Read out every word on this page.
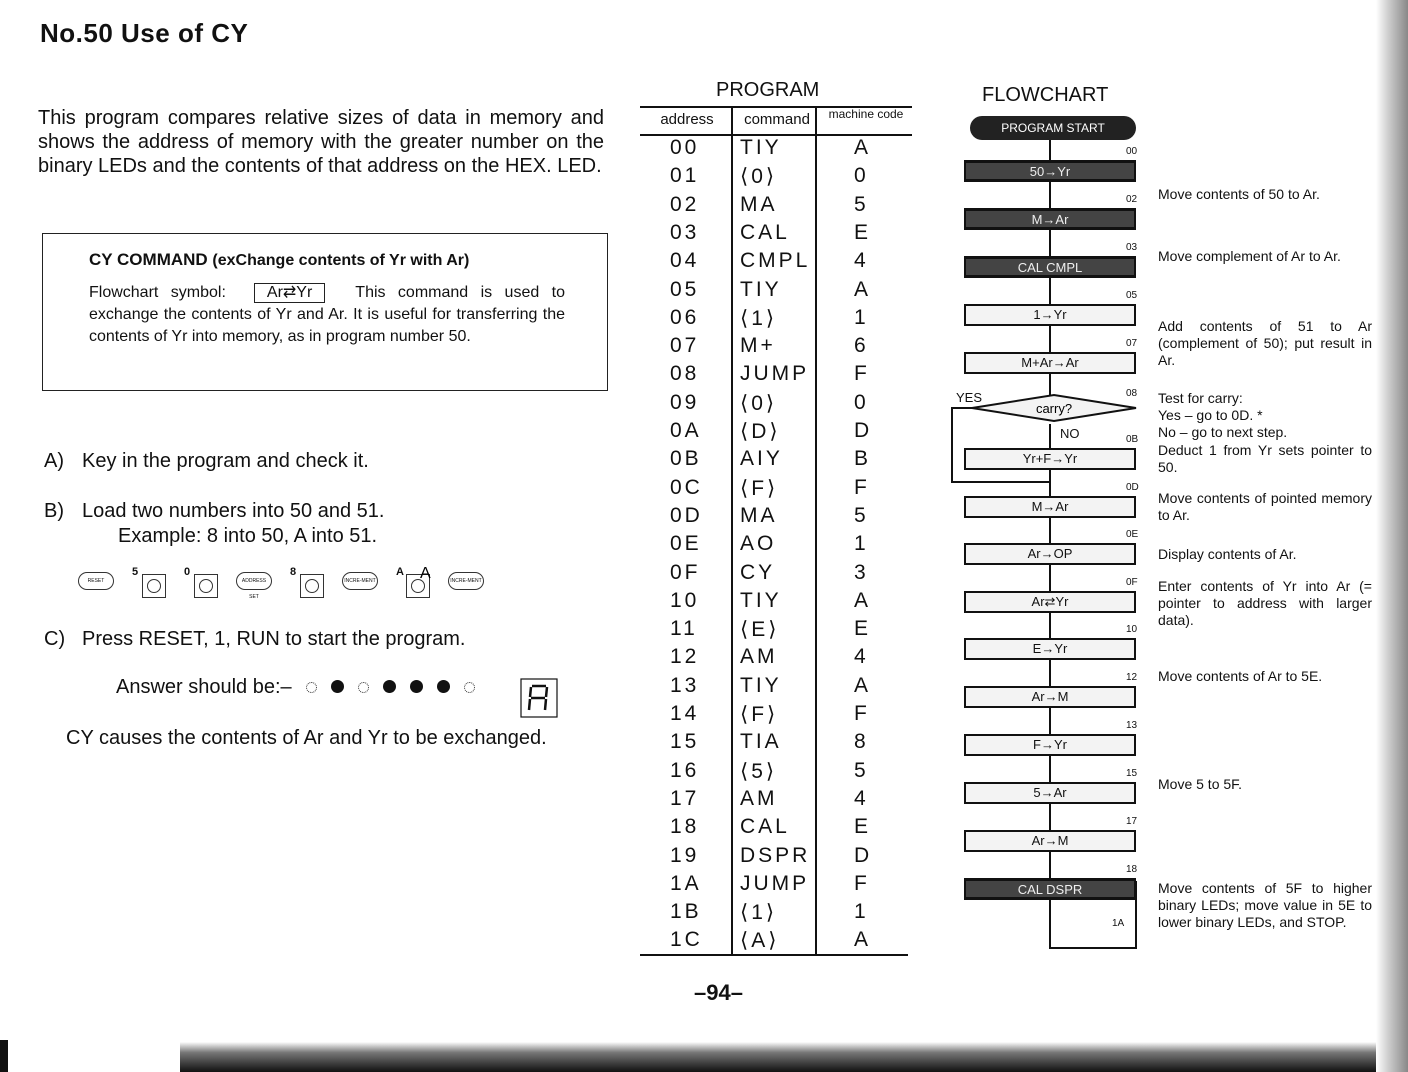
No.50 Use of CY
This program compares relative sizes of data in memory and shows the address of memory with the greater number on the binary LEDs and the contents of that address on the HEX. LED.
CY COMMAND (exChange contents of Yr with Ar)
Flowchart symbol:	Ar⇄Yr	This command is used to exchange the contents of Yr and Ar. It is useful for transferring the contents of Yr into memory, as in program number 50.
A) Key in the program and check it.
B) Load two numbers into 50 and 51.
Example: 8 into 50, A into 51.
RESET
5	0
ADDRESS SET
8
INCRE-MENT
A
INCRE-MENT
C) Press RESET, 1, RUN to start the program.
Answer should be:–
A
CY causes the contents of Ar and Yr to be exchanged.
PROGRAM
address	command	machine code
00 TIY	A
01 ⟨0⟩	0
02 MA	5
03 CAL	E
04 CMPL 4
05 TIY	A
06 ⟨1⟩	1
07 M+	6
08 JUMP F
09 ⟨0⟩	0
0A ⟨D⟩	D
0B AIY	B
0C ⟨F⟩	F
0D MA	5
0E AO	1
0F CY	3
10 TIY	A
11 ⟨E⟩	E
12 AM	4
13 TIY	A
14 ⟨F⟩	F
15 TIA	8
16 ⟨5⟩	5
17 AM	4
18 CAL	E
19 DSPR D
1A JUMP F
1B ⟨1⟩	1
1C ⟨A⟩	A
FLOWCHART
PROGRAM START
50→Yr
00
M→Ar
02
CAL CMPL
03
1→Yr
05
M+Ar→Ar
07
08
Yr+F→Yr
0B
M→Ar
0D
Ar→OP
0E
Ar⇄Yr
0F
E→Yr
10
Ar→M
12
F→Yr
13
5→Ar
15
Ar→M
17
CAL DSPR
18
1A
YES
NO
Move contents of 50 to Ar.
Move complement of Ar to Ar.
Add contents of 51 to Ar (complement of 50); put result in Ar.
Test for carry:
Yes – go to 0D. *
No – go to next step.
Deduct 1 from Yr sets pointer to 50.
Move contents of pointed memory to Ar.
Display contents of Ar.
Enter contents of Yr into Ar (= pointer to address with larger data).
Move contents of Ar to 5E.
Move 5 to 5F.
Move contents of 5F to higher binary LEDs; move value in 5E to lower binary LEDs, and STOP.
–94–
carry?
